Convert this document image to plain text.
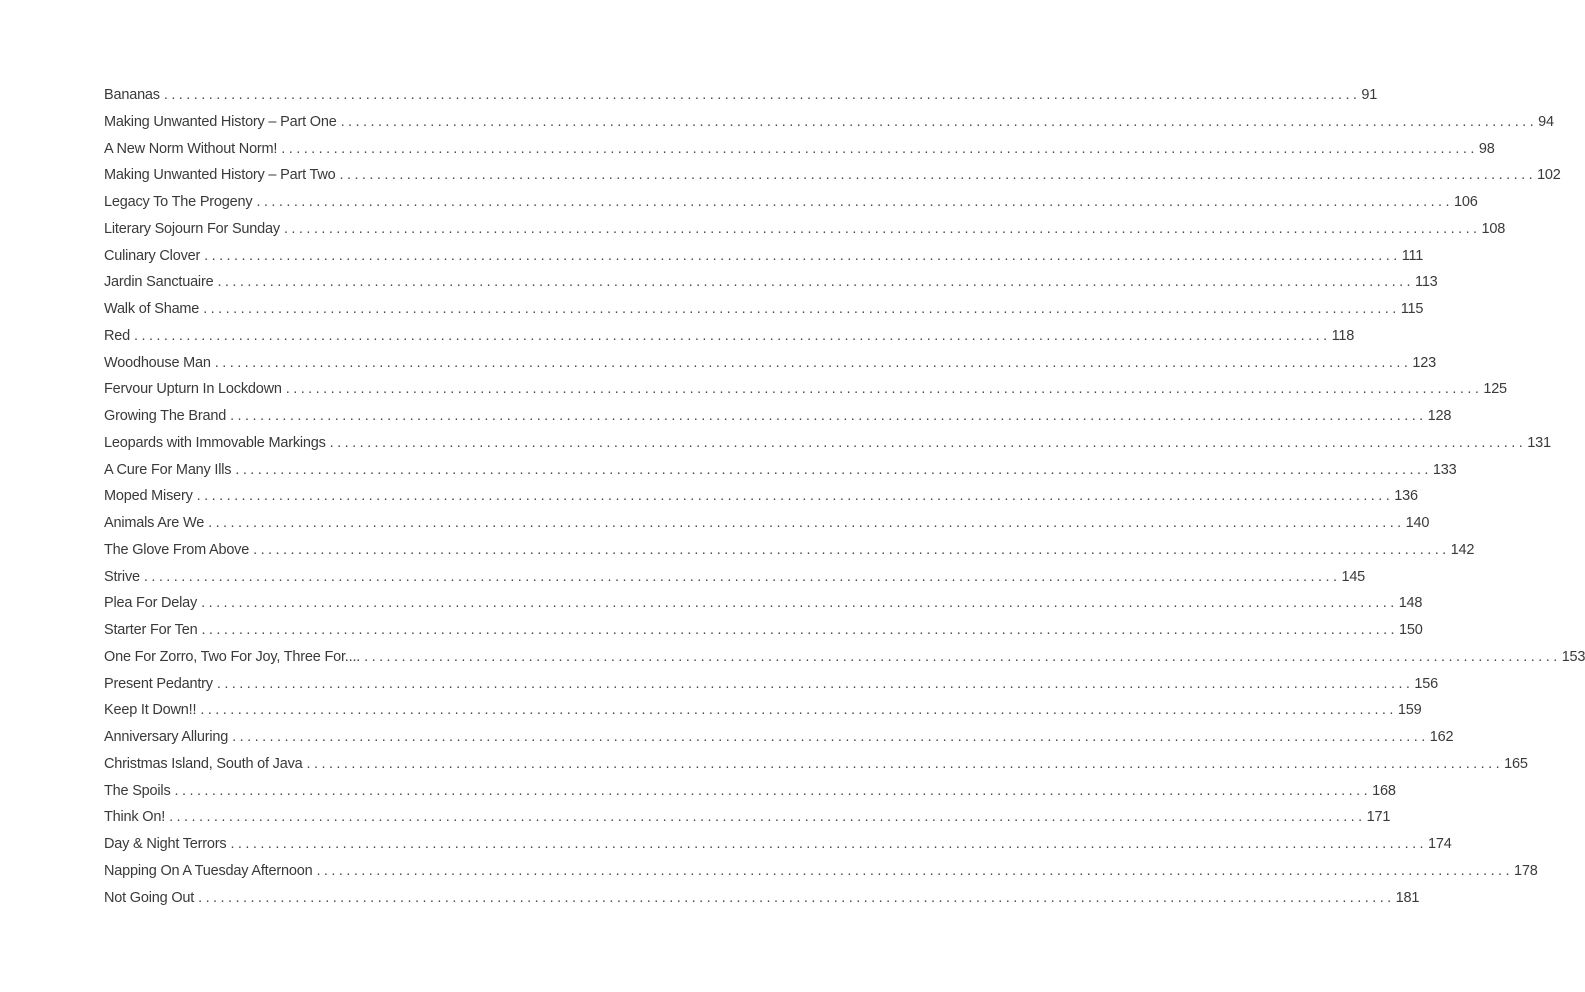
Bananas ................................................................................................................................................................ 91
Making Unwanted History – Part One ................................................................................................................................................................ 94
A New Norm Without Norm! ................................................................................................................................................................ 98
Making Unwanted History – Part Two ................................................................................................................................................................ 102
Legacy To The Progeny ................................................................................................................................................................ 106
Literary Sojourn For Sunday ................................................................................................................................................................ 108
Culinary Clover ................................................................................................................................................................ 111
Jardin Sanctuaire ................................................................................................................................................................ 113
Walk of Shame ................................................................................................................................................................ 115
Red ................................................................................................................................................................ 118
Woodhouse Man ................................................................................................................................................................ 123
Fervour Upturn In Lockdown ................................................................................................................................................................ 125
Growing The Brand ................................................................................................................................................................ 128
Leopards with Immovable Markings ................................................................................................................................................................ 131
A Cure For Many Ills ................................................................................................................................................................ 133
Moped Misery ................................................................................................................................................................ 136
Animals Are We ................................................................................................................................................................ 140
The Glove From Above ................................................................................................................................................................ 142
Strive ................................................................................................................................................................ 145
Plea For Delay ................................................................................................................................................................ 148
Starter For Ten ................................................................................................................................................................ 150
One For Zorro, Two For Joy, Three For.... ................................................................................................................................................................ 153
Present Pedantry ................................................................................................................................................................ 156
Keep It Down!! ................................................................................................................................................................ 159
Anniversary Alluring ................................................................................................................................................................ 162
Christmas Island, South of Java ................................................................................................................................................................ 165
The Spoils ................................................................................................................................................................ 168
Think On! ................................................................................................................................................................ 171
Day & Night Terrors ................................................................................................................................................................ 174
Napping On A Tuesday Afternoon ................................................................................................................................................................ 178
Not Going Out ................................................................................................................................................................ 181
